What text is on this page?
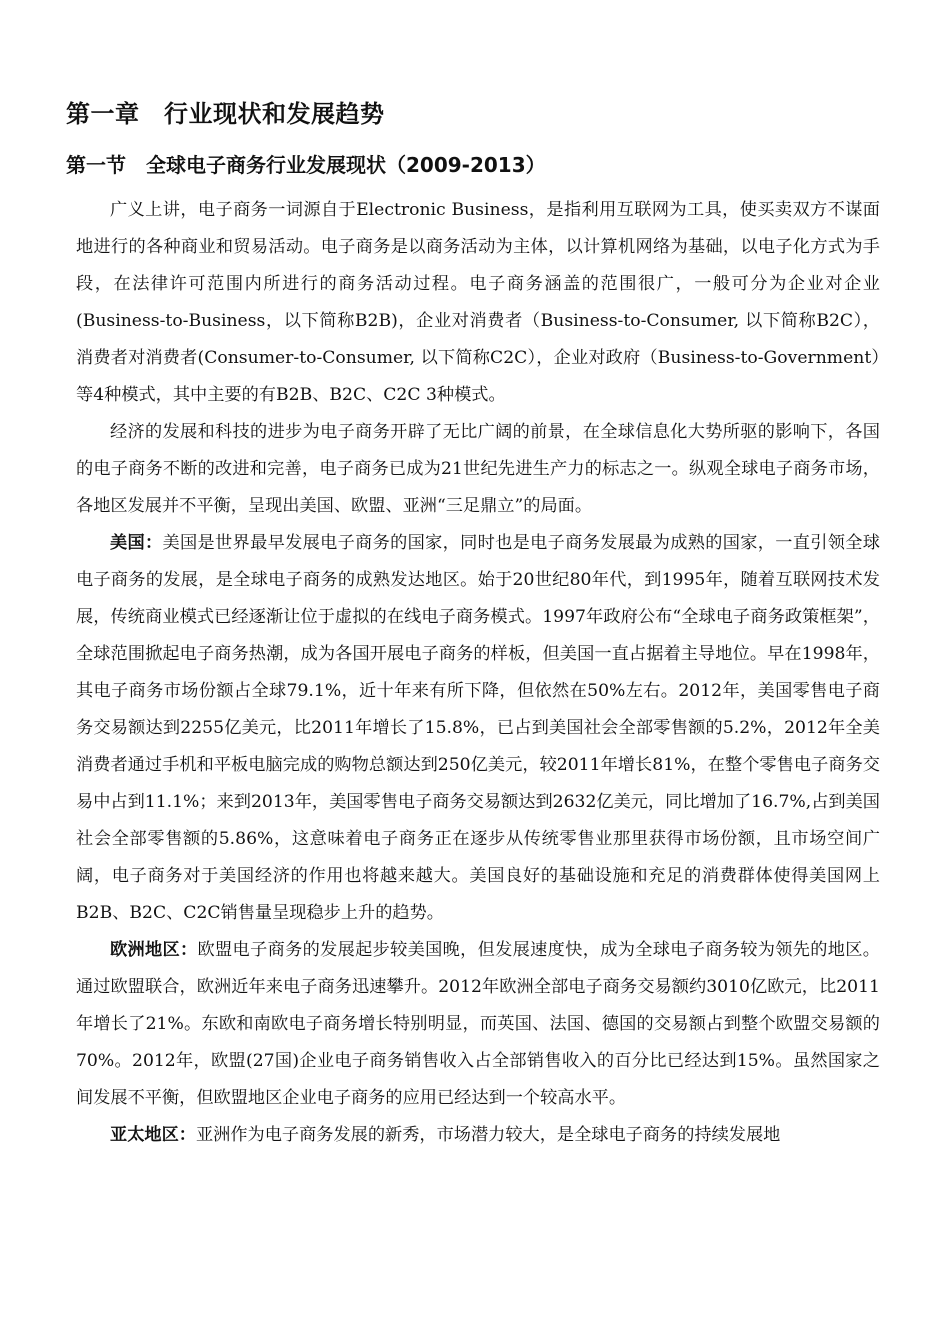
第一章　行业现状和发展趋势
第一节　全球电子商务行业发展现状（2009-2013）

广义上讲，电子商务一词源自于Electronic Business，是指利用互联网为工具，使买卖双方不谋面地进行的各种商业和贸易活动。电子商务是以商务活动为主体，以计算机网络为基础，以电子化方式为手段，在法律许可范围内所进行的商务活动过程。电子商务涵盖的范围很广，一般可分为企业对企业(Business-to-Business，以下简称B2B)，企业对消费者（Business-to-Consumer, 以下简称B2C），消费者对消费者(Consumer-to-Consumer, 以下简称C2C），企业对政府（Business-to-Government）等4种模式，其中主要的有B2B、B2C、C2C 3种模式。

经济的发展和科技的进步为电子商务开辟了无比广阔的前景，在全球信息化大势所驱的影响下，各国的电子商务不断的改进和完善，电子商务已成为21世纪先进生产力的标志之一。纵观全球电子商务市场，各地区发展并不平衡，呈现出美国、欧盟、亚洲“三足鼎立”的局面。

美国：美国是世界最早发展电子商务的国家，同时也是电子商务发展最为成熟的国家，一直引领全球电子商务的发展，是全球电子商务的成熟发达地区。始于20世纪80年代，到1995年，随着互联网技术发展，传统商业模式已经逐渐让位于虚拟的在线电子商务模式。1997年政府公布“全球电子商务政策框架”，全球范围掀起电子商务热潮，成为各国开展电子商务的样板，但美国一直占据着主导地位。早在1998年，其电子商务市场份额占全球79.1%，近十年来有所下降，但依然在50%左右。2012年，美国零售电子商务交易额达到2255亿美元，比2011年增长了15.8%，已占到美国社会全部零售额的5.2%，2012年全美消费者通过手机和平板电脑完成的购物总额达到250亿美元，较2011年增长81%，在整个零售电子商务交易中占到11.1%；来到2013年，美国零售电子商务交易额达到2632亿美元，同比增加了16.7%,占到美国社会全部零售额的5.86%，这意味着电子商务正在逐步从传统零售业那里获得市场份额，且市场空间广阔，电子商务对于美国经济的作用也将越来越大。美国良好的基础设施和充足的消费群体使得美国网上B2B、B2C、C2C销售量呈现稳步上升的趋势。

欧洲地区：欧盟电子商务的发展起步较美国晚，但发展速度快，成为全球电子商务较为领先的地区。通过欧盟联合，欧洲近年来电子商务迅速攀升。2012年欧洲全部电子商务交易额约3010亿欧元，比2011年增长了21%。东欧和南欧电子商务增长特别明显，而英国、法国、德国的交易额占到整个欧盟交易额的70%。2012年，欧盟(27国)企业电子商务销售收入占全部销售收入的百分比已经达到15%。虽然国家之间发展不平衡，但欧盟地区企业电子商务的应用已经达到一个较高水平。

亚太地区：亚洲作为电子商务发展的新秀，市场潜力较大，是全球电子商务的持续发展地
